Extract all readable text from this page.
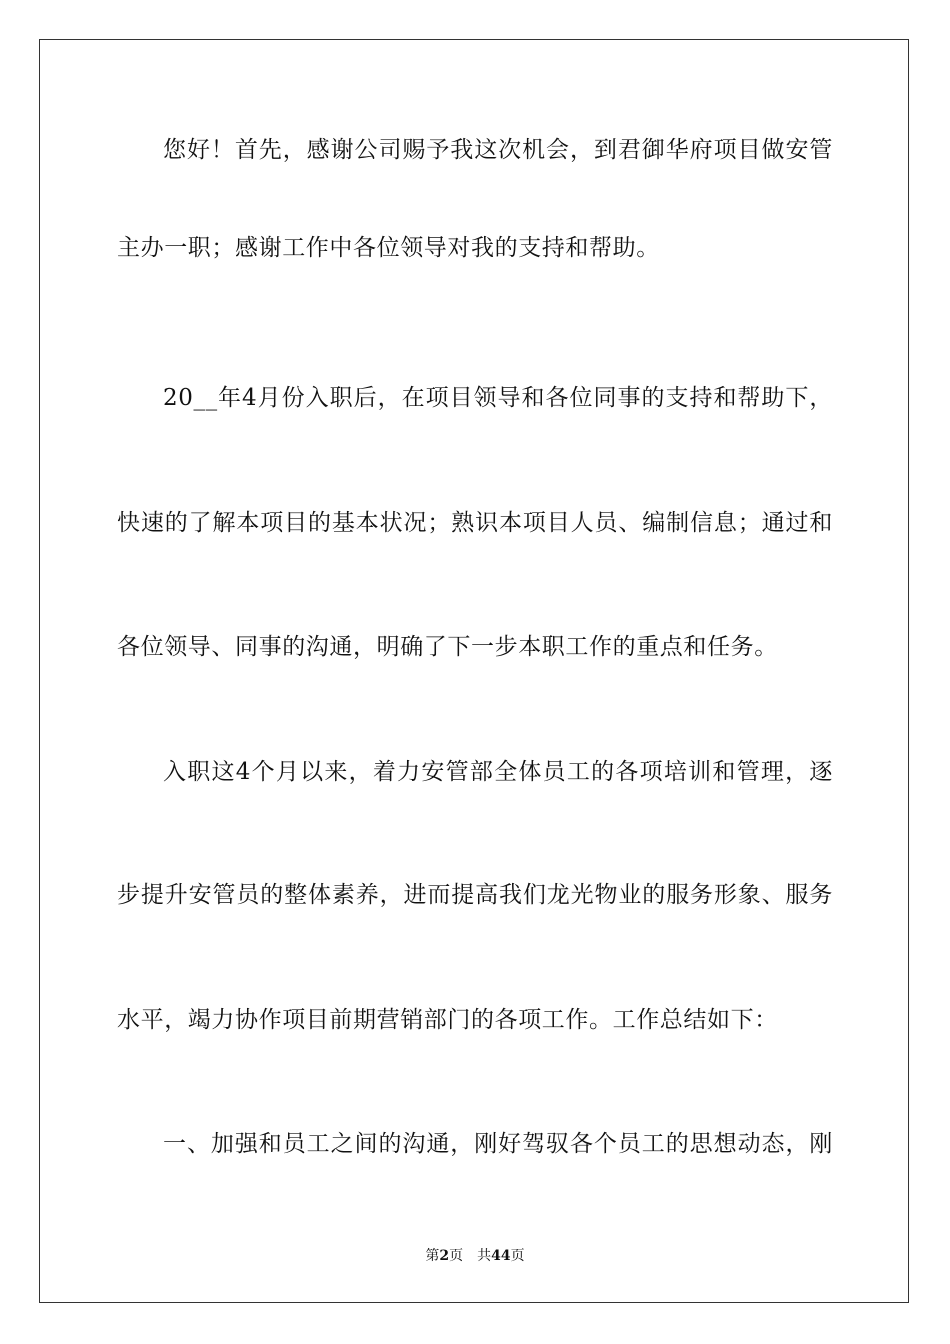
您好！首先，感谢公司赐予我这次机会，到君御华府项目做安管
主办一职；感谢工作中各位领导对我的支持和帮助。
20__年4月份入职后，在项目领导和各位同事的支持和帮助下，
快速的了解本项目的基本状况；熟识本项目人员、编制信息；通过和
各位领导、同事的沟通，明确了下一步本职工作的重点和任务。
入职这4个月以来，着力安管部全体员工的各项培训和管理，逐
步提升安管员的整体素养，进而提高我们龙光物业的服务形象、服务
水平，竭力协作项目前期营销部门的各项工作。工作总结如下：
一、加强和员工之间的沟通，刚好驾驭各个员工的思想动态，刚
第2页 共44页
